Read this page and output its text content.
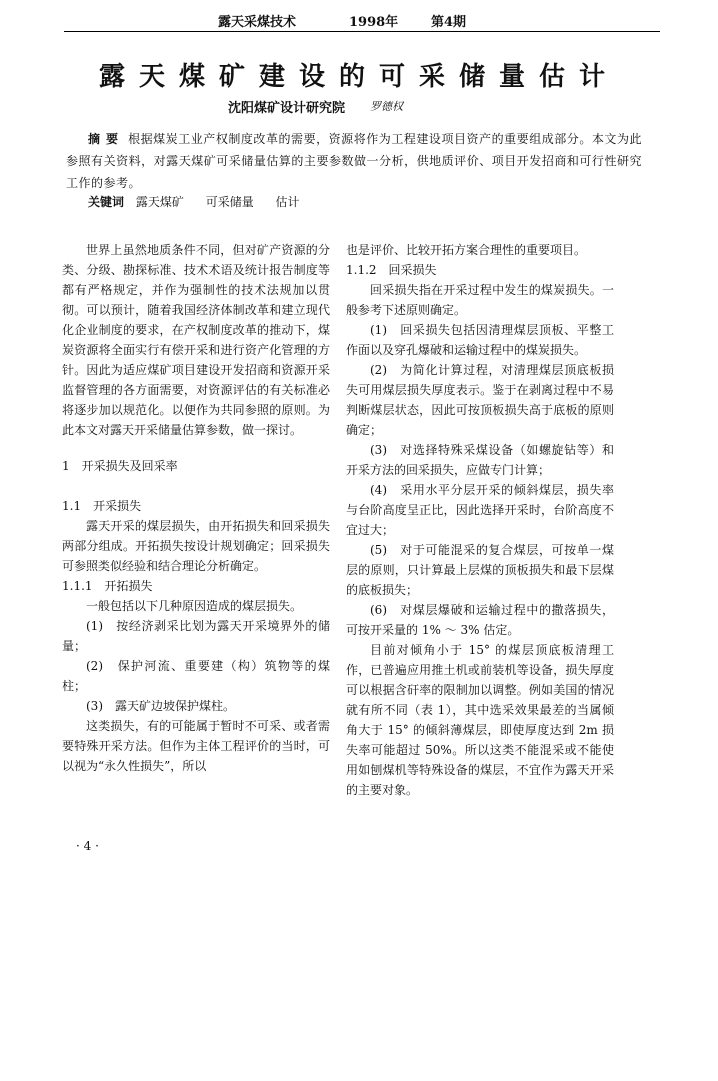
露天采煤技术	1998年	第4期
露天煤矿建设的可采储量估计
沈阳煤矿设计研究院 罗德权
摘要 根据煤炭工业产权制度改革的需要，资源将作为工程建设项目资产的重要组成部分。本文为此参照有关资料，对露天煤矿可采储量估算的主要参数做一分析，供地质评价、项目开发招商和可行性研究工作的参考。
关键词 露天煤矿 可采储量 估计

世界上虽然地质条件不同，但对矿产资源的分类、分级、勘探标准、技术术语及统计报告制度等都有严格规定，并作为强制性的技术法规加以贯彻。可以预计，随着我国经济体制改革和建立现代化企业制度的要求，在产权制度改革的推动下，煤炭资源将全面实行有偿开采和进行资产化管理的方针。因此为适应煤矿项目建设开发招商和资源开采监督管理的各方面需要，对资源评估的有关标准必将逐步加以规范化。以便作为共同参照的原则。为此本文对露天开采储量估算参数，做一探讨。

1　开采损失及回采率

1.1　开采损失

露天开采的煤层损失，由开拓损失和回采损失两部分组成。开拓损失按设计规划确定；回采损失可参照类似经验和结合理论分析确定。

1.1.1　开拓损失

一般包括以下几种原因造成的煤层损失。

(1)　按经济剥采比划为露天开采境界外的储量；

(2)　保护河流、重要建（构）筑物等的煤柱；

(3)　露天矿边坡保护煤柱。

这类损失，有的可能属于暂时不可采、或者需要特殊开采方法。但作为主体工程评价的当时，可以视为“永久性损失”，所以

也是评价、比较开拓方案合理性的重要项目。

1.1.2　回采损失

回采损失指在开采过程中发生的煤炭损失。一般参考下述原则确定。

(1)　回采损失包括因清理煤层顶板、平整工作面以及穿孔爆破和运输过程中的煤炭损失。

(2)　为简化计算过程，对清理煤层顶底板损失可用煤层损失厚度表示。鉴于在剥离过程中不易判断煤层状态，因此可按顶板损失高于底板的原则确定；

(3)　对选择特殊采煤设备（如螺旋钻等）和开采方法的回采损失，应做专门计算；

(4)　采用水平分层开采的倾斜煤层，损失率与台阶高度呈正比，因此选择开采时，台阶高度不宜过大；

(5)　对于可能混采的复合煤层，可按单一煤层的原则，只计算最上层煤的顶板损失和最下层煤的底板损失；

(6)　对煤层爆破和运输过程中的撒落损失，可按开采量的 1% ～ 3% 估定。

目前对倾角小于 15° 的煤层顶底板清理工作，已普遍应用推土机或前装机等设备，损失厚度可以根据含矸率的限制加以调整。例如美国的情况就有所不同（表 1），其中选采效果最差的当属倾角大于 15° 的倾斜薄煤层，即使厚度达到 2m 损失率可能超过 50%。所以这类不能混采或不能使用如刨煤机等特殊设备的煤层，不宜作为露天开采的主要对象。

· 4 ·
